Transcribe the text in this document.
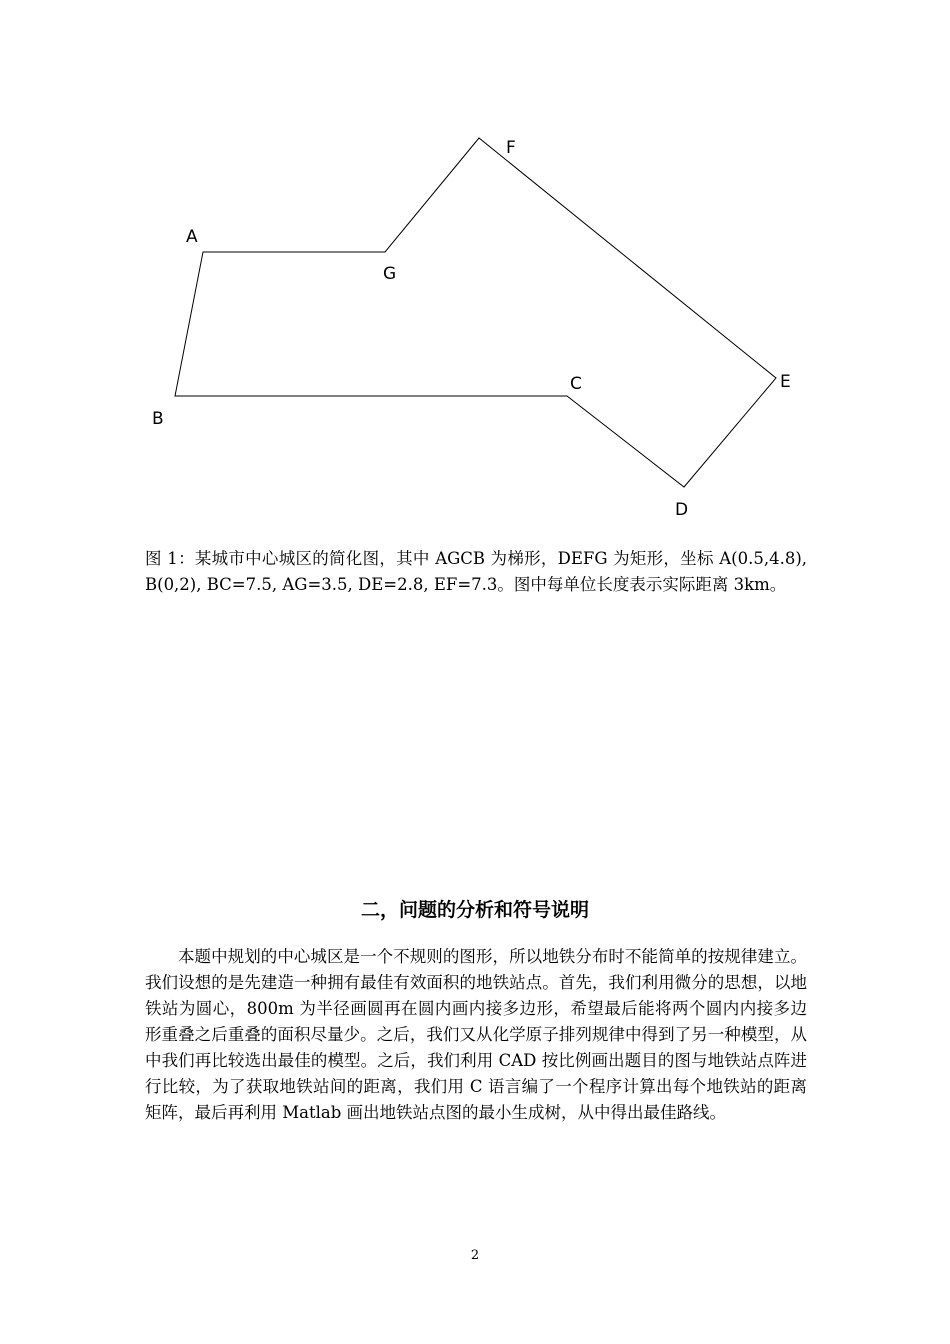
A
B
C
D
E
F
G

图 1：某城市中心城区的简化图，其中 AGCB 为梯形，DEFG 为矩形，坐标 A(0.5,4.8), B(0,2), BC=7.5, AG=3.5, DE=2.8, EF=7.3。图中每单位长度表示实际距离 3km。

二，问题的分析和符号说明

本题中规划的中心城区是一个不规则的图形，所以地铁分布时不能简单的按规律建立。我们设想的是先建造一种拥有最佳有效面积的地铁站点。首先，我们利用微分的思想，以地铁站为圆心，800m 为半径画圆再在圆内画内接多边形，希望最后能将两个圆内内接多边形重叠之后重叠的面积尽量少。之后，我们又从化学原子排列规律中得到了另一种模型，从中我们再比较选出最佳的模型。之后，我们利用 CAD 按比例画出题目的图与地铁站点阵进行比较，为了获取地铁站间的距离，我们用 C 语言编了一个程序计算出每个地铁站的距离矩阵，最后再利用 Matlab 画出地铁站点图的最小生成树，从中得出最佳路线。

2
